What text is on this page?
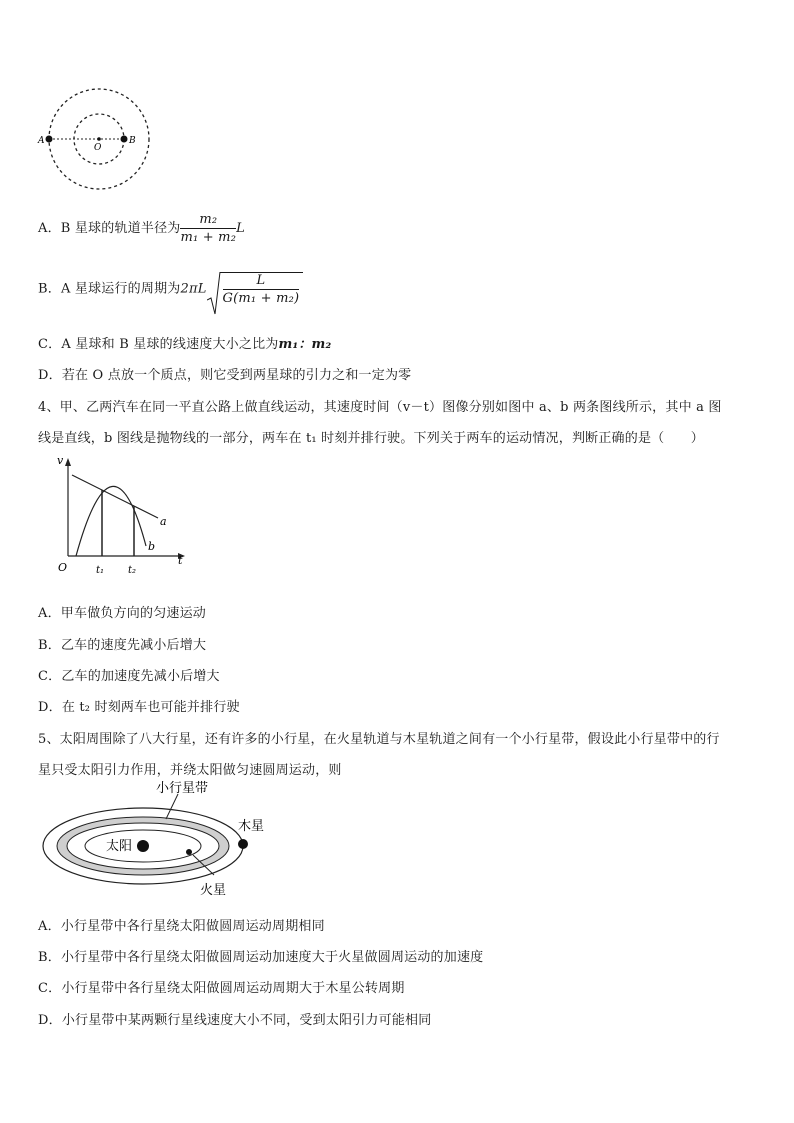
A
O
B
A．B 星球的轨道半径为 $\frac{\text{m₂}}{\text{m₁ + m₂}}$ L
B．A 星球运行的周期为$2\pi L \frac{L}{\text{G(m₁ + m₂)}}$
C．A 星球和 B 星球的线速度大小之比为m₁：m₂
D．若在 O 点放一个质点，则它受到两星球的引力之和一定为零
4、甲、乙两汽车在同一平直公路上做直线运动，其速度时间（v－t）图像分别如图中 a、b 两条图线所示，其中 a 图
线是直线，b 图线是抛物线的一部分，两车在 t₁ 时刻并排行驶。下列关于两车的运动情况，判断正确的是（　　）
v
t
O	t₁ t₂
a
b
A．甲车做负方向的匀速运动
B．乙车的速度先减小后增大
C．乙车的加速度先减小后增大
D．在 t₂ 时刻两车也可能并排行驶
5、太阳周围除了八大行星，还有许多的小行星，在火星轨道与木星轨道之间有一个小行星带，假设此小行星带中的行
星只受太阳引力作用，并绕太阳做匀速圆周运动，则
小行星带
木星
太阳
火星
A．小行星带中各行星绕太阳做圆周运动周期相同
B．小行星带中各行星绕太阳做圆周运动加速度大于火星做圆周运动的加速度
C．小行星带中各行星绕太阳做圆周运动周期大于木星公转周期
D．小行星带中某两颗行星线速度大小不同，受到太阳引力可能相同
